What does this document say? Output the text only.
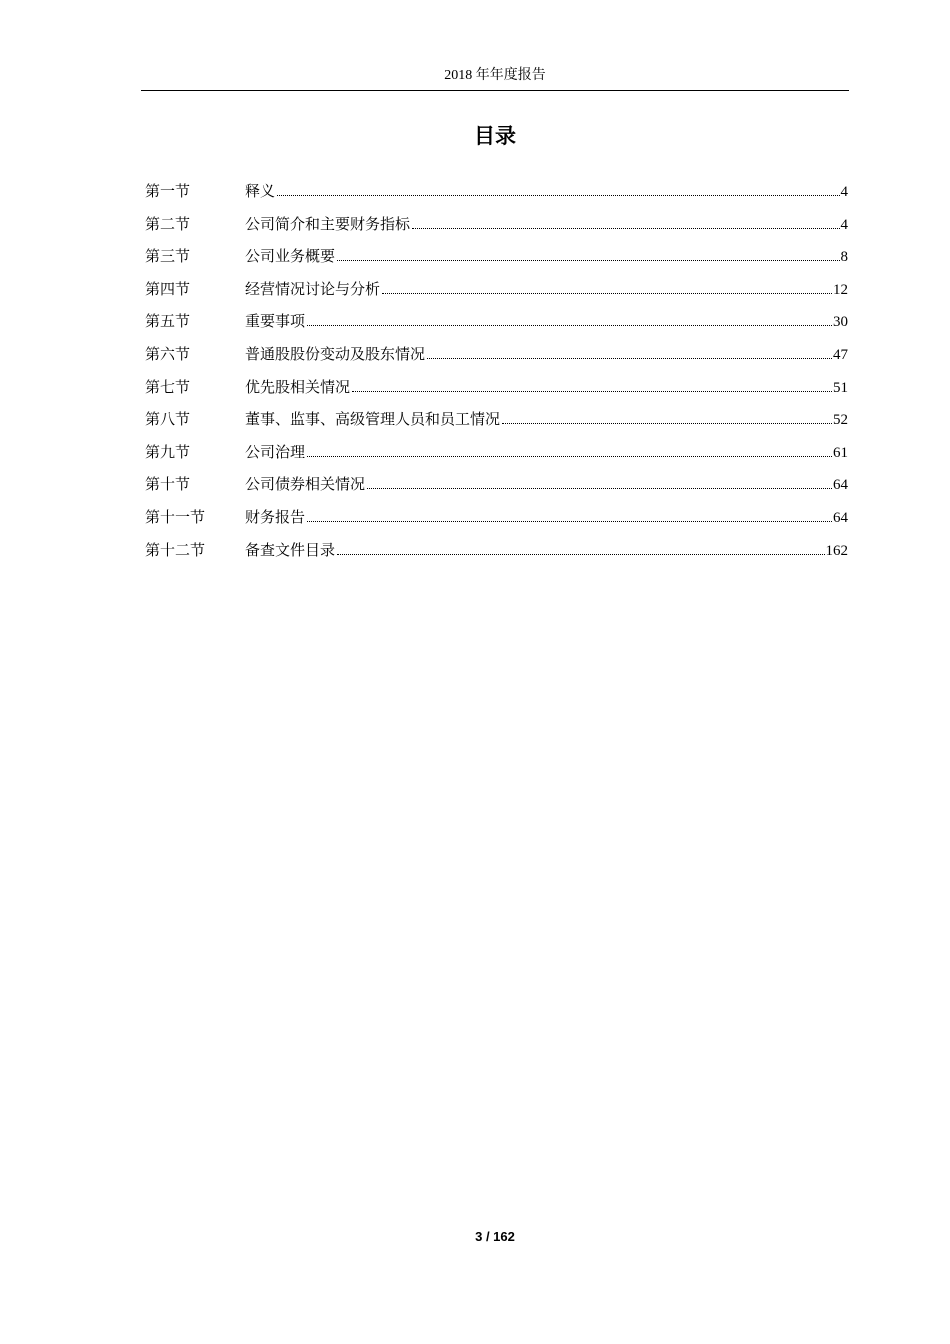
2018 年年度报告
目录
第一节	释义	4
第二节	公司简介和主要财务指标	4
第三节	公司业务概要	8
第四节	经营情况讨论与分析	12
第五节	重要事项	30
第六节	普通股股份变动及股东情况	47
第七节	优先股相关情况	51
第八节	董事、监事、高级管理人员和员工情况	52
第九节	公司治理	61
第十节	公司债券相关情况	64
第十一节	财务报告	64
第十二节	备查文件目录	162
3 / 162
